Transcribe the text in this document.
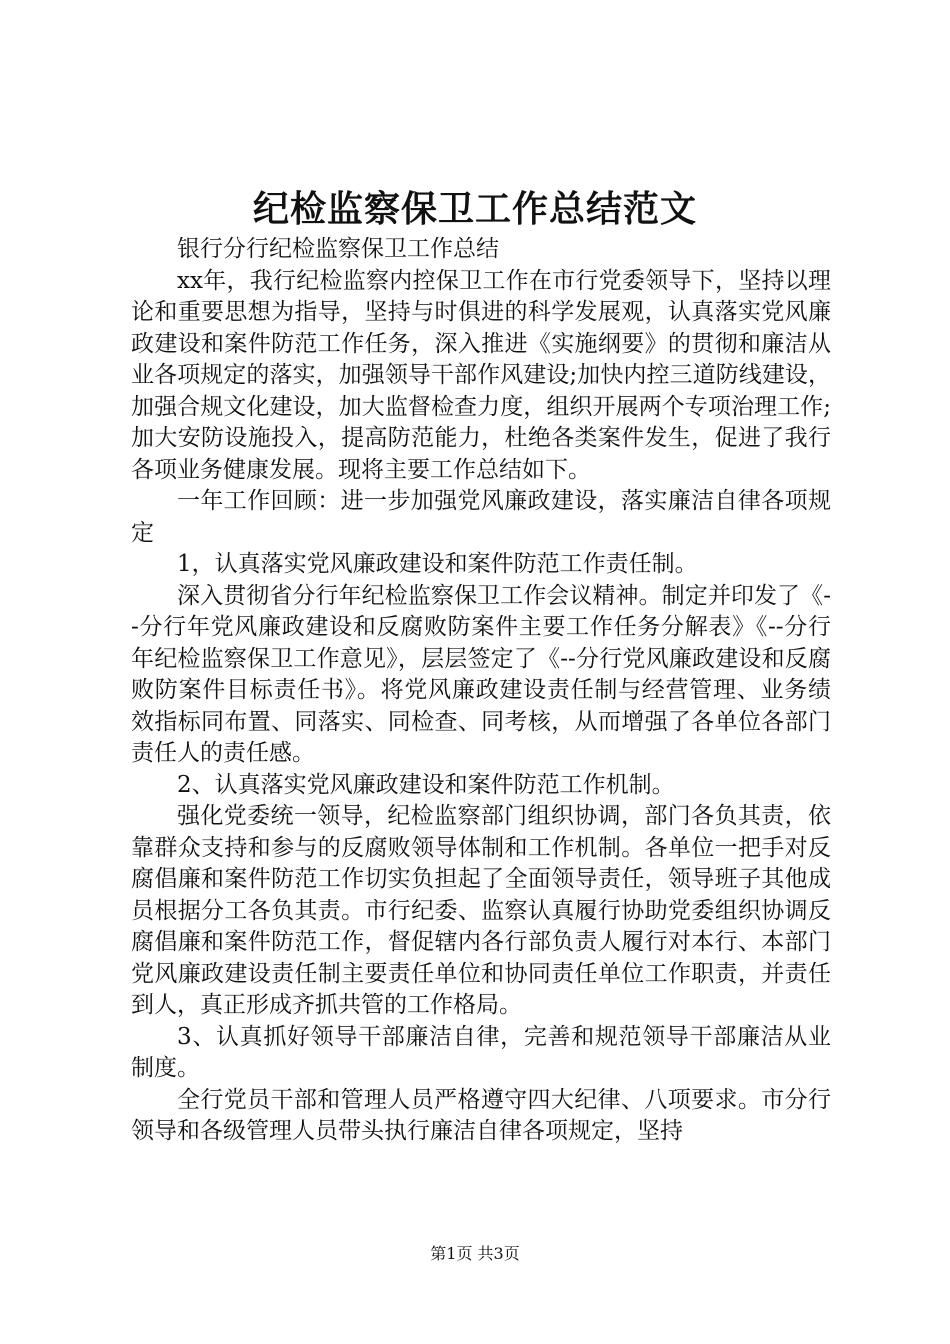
纪检监察保卫工作总结范文

银行分行纪检监察保卫工作总结

xx年，我行纪检监察内控保卫工作在市行党委领导下，坚持以理论和重要思想为指导，坚持与时俱进的科学发展观，认真落实党风廉政建设和案件防范工作任务，深入推进《实施纲要》的贯彻和廉洁从业各项规定的落实，加强领导干部作风建设;加快内控三道防线建设，加强合规文化建设，加大监督检查力度，组织开展两个专项治理工作;加大安防设施投入，提高防范能力，杜绝各类案件发生，促进了我行各项业务健康发展。现将主要工作总结如下。

一年工作回顾：进一步加强党风廉政建设，落实廉洁自律各项规定

1，认真落实党风廉政建设和案件防范工作责任制。

深入贯彻省分行年纪检监察保卫工作会议精神。制定并印发了《--分行年党风廉政建设和反腐败防案件主要工作任务分解表》《--分行年纪检监察保卫工作意见》，层层签定了《--分行党风廉政建设和反腐败防案件目标责任书》。将党风廉政建设责任制与经营管理、业务绩效指标同布置、同落实、同检查、同考核，从而增强了各单位各部门责任人的责任感。

2、认真落实党风廉政建设和案件防范工作机制。

强化党委统一领导，纪检监察部门组织协调，部门各负其责，依靠群众支持和参与的反腐败领导体制和工作机制。各单位一把手对反腐倡廉和案件防范工作切实负担起了全面领导责任，领导班子其他成员根据分工各负其责。市行纪委、监察认真履行协助党委组织协调反腐倡廉和案件防范工作，督促辖内各行部负责人履行对本行、本部门党风廉政建设责任制主要责任单位和协同责任单位工作职责，并责任到人，真正形成齐抓共管的工作格局。

3、认真抓好领导干部廉洁自律，完善和规范领导干部廉洁从业制度。

全行党员干部和管理人员严格遵守四大纪律、八项要求。市分行领导和各级管理人员带头执行廉洁自律各项规定，坚持

第1页 共3页
